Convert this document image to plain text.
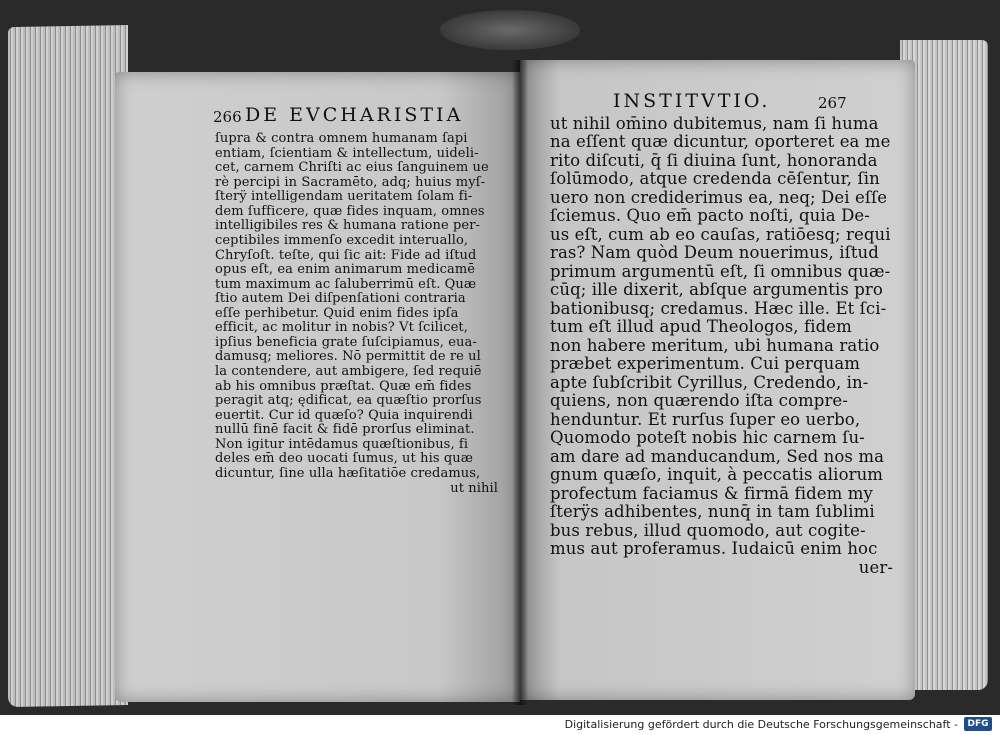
266 DE EVCHARISTIA
ſupra & contra omnem humanam ſapi
entiam, ſcientiam & intellectum, uideli-
cet, carnem Chriſti ac eius ſanguinem ue
rè percipi in Sacramēto, adq; huius myſ-
ſterÿ intelligendam ueritatem ſolam fi-
dem ſufficere, quæ fides inquam, omnes
intelligibiles res & humana ratione per-
ceptibiles immenſo excedit interuallo,
Chryſoſt. teſte, qui ſic ait: Fide ad iſtud
opus eſt, ea enim animarum medicamē
tum maximum ac ſaluberrimū eſt. Quæ
ſtio autem Dei diſpenſationi contraria
eſſe perhibetur. Quid enim fides ipſa
efficit, ac molitur in nobis? Vt ſcilicet,
ipſius beneficia grate ſuſcipiamus, eua-
damusq; meliores. Nō permittit de re ul
la contendere, aut ambigere, ſed requiē
ab his omnibus præſtat. Quæ em̄ fides
peragit atq; ędificat, ea quæſtio prorſus
euertit. Cur id quæſo? Quia inquirendi
nullū finē facit & fidē prorſus eliminat.
Non igitur intēdamus quæſtionibus, fi
deles em̄ deo uocati ſumus, ut his quæ
dicuntur, ſine ulla hæſitatiōe credamus,
ut nihil
INSTITVTIO.	267
ut nihil om̄ino dubitemus, nam ſi huma
na eſſent quæ dicuntur, oporteret ea me
rito diſcuti, q̄ ſi diuina ſunt, honoranda
ſolūmodo, atque credenda cēſentur, ſin
uero non crediderimus ea, neq; Dei eſſe
ſciemus. Quo em̄ pacto noſti, quia De-
us eſt, cum ab eo cauſas, ratiōesq; requi
ras? Nam quòd Deum nouerimus, iſtud
primum argumentū eſt, ſi omnibus quæ-
cūq; ille dixerit, abſque argumentis pro
bationibusq; credamus. Hæc ille. Et ſci-
tum eſt illud apud Theologos, fidem
non habere meritum, ubi humana ratio
præbet experimentum. Cui perquam
apte ſubſcribit Cyrillus, Credendo, in-
quiens, non quærendo iſta compre-
henduntur. Et rurſus ſuper eo uerbo,
Quomodo poteſt nobis hic carnem ſu-
am dare ad manducandum, Sed nos ma
gnum quæſo, inquit, à peccatis aliorum
profectum faciamus & firmā fidem my
ſterÿs adhibentes, nunq̄ in tam ſublimi
bus rebus, illud quomodo, aut cogite-
mus aut proferamus. Iudaicū enim hoc
uer-
Digitalisierung gefördert durch die Deutsche Forschungsgemeinschaft -	DFG
